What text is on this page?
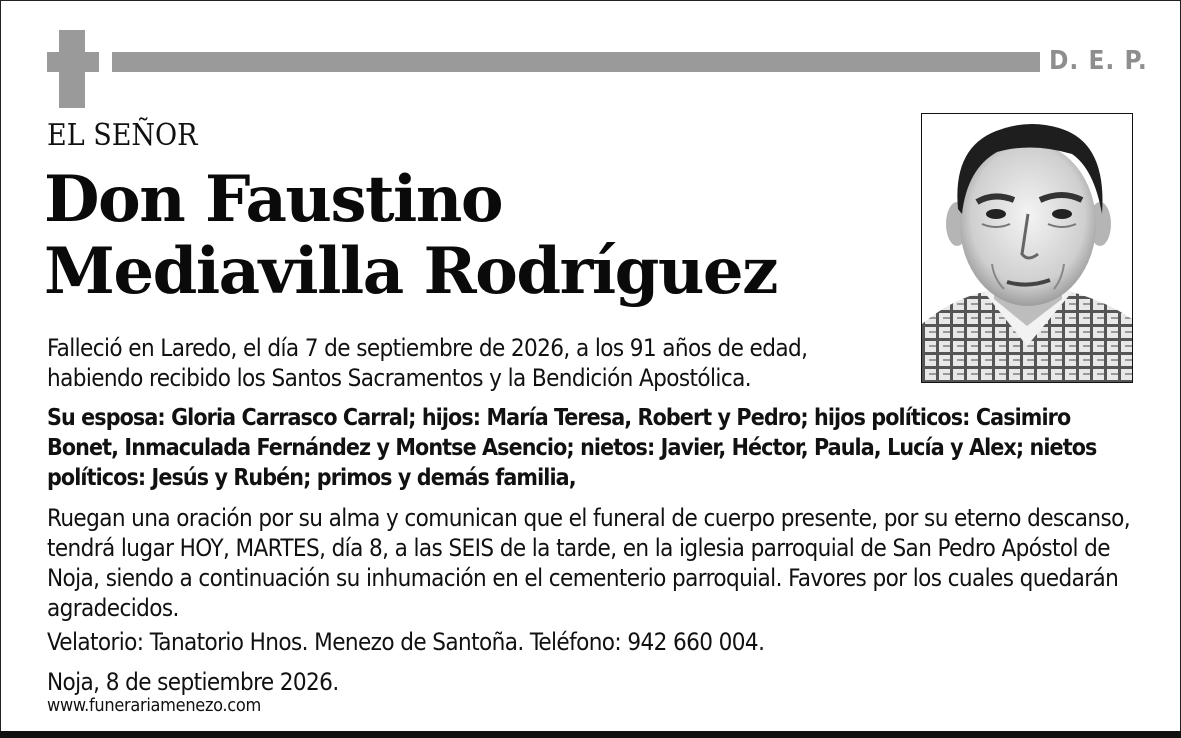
D. E. P.
EL SEÑOR
Don Faustino
Mediavilla Rodríguez
Falleció en Laredo, el día 7 de septiembre de 2026, a los 91 años de edad, habiendo recibido los Santos Sacramentos y la Bendición Apostólica.
Su esposa: Gloria Carrasco Carral; hijos: María Teresa, Robert y Pedro; hijos políticos: Casimiro Bonet, Inmaculada Fernández y Montse Asencio; nietos: Javier, Héctor, Paula, Lucía y Alex; nietos políticos: Jesús y Rubén; primos y demás familia,
Ruegan una oración por su alma y comunican que el funeral de cuerpo presente, por su eterno descanso, tendrá lugar HOY, MARTES, día 8, a las SEIS de la tarde, en la iglesia parroquial de San Pedro Apóstol de Noja, siendo a continuación su inhumación en el cementerio parroquial. Favores por los cuales quedarán agradecidos.
Velatorio: Tanatorio Hnos. Menezo de Santoña. Teléfono: 942 660 004.
Noja, 8 de septiembre 2026.
www.funerariamenezo.com
